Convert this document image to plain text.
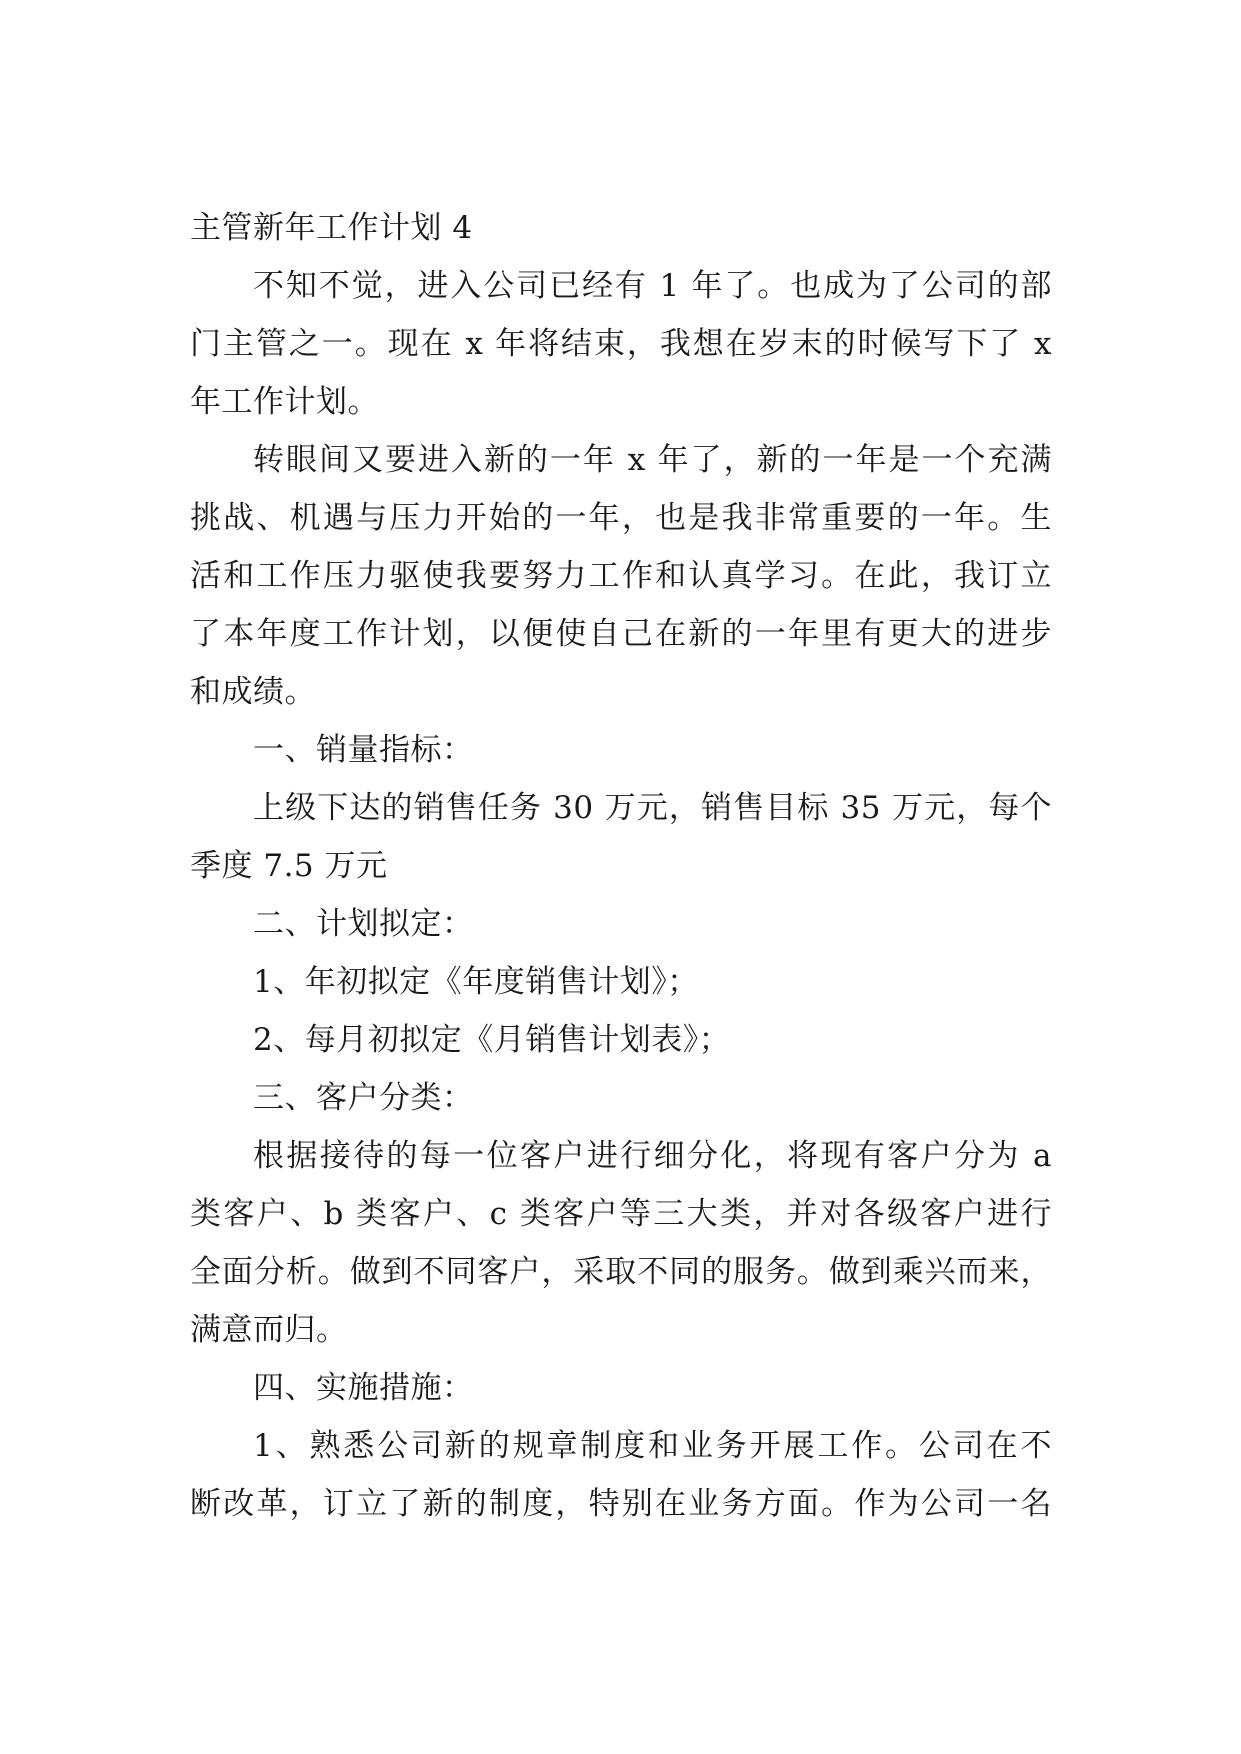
主管新年工作计划 4
不知不觉，进入公司已经有 1 年了。也成为了公司的部
门主管之一。现在 x 年将结束，我想在岁末的时候写下了 x
年工作计划。
转眼间又要进入新的一年 x 年了，新的一年是一个充满
挑战、机遇与压力开始的一年，也是我非常重要的一年。生
活和工作压力驱使我要努力工作和认真学习。在此，我订立
了本年度工作计划，以便使自己在新的一年里有更大的进步
和成绩。
一、销量指标：
上级下达的销售任务 30 万元，销售目标 35 万元，每个
季度 7.5 万元
二、计划拟定：
1、年初拟定《年度销售计划》；
2、每月初拟定《月销售计划表》；
三、客户分类：
根据接待的每一位客户进行细分化，将现有客户分为 a
类客户、b 类客户、c 类客户等三大类，并对各级客户进行
全面分析。做到不同客户，采取不同的服务。做到乘兴而来，
满意而归。
四、实施措施：
1、熟悉公司新的规章制度和业务开展工作。公司在不
断改革，订立了新的制度，特别在业务方面。作为公司一名
